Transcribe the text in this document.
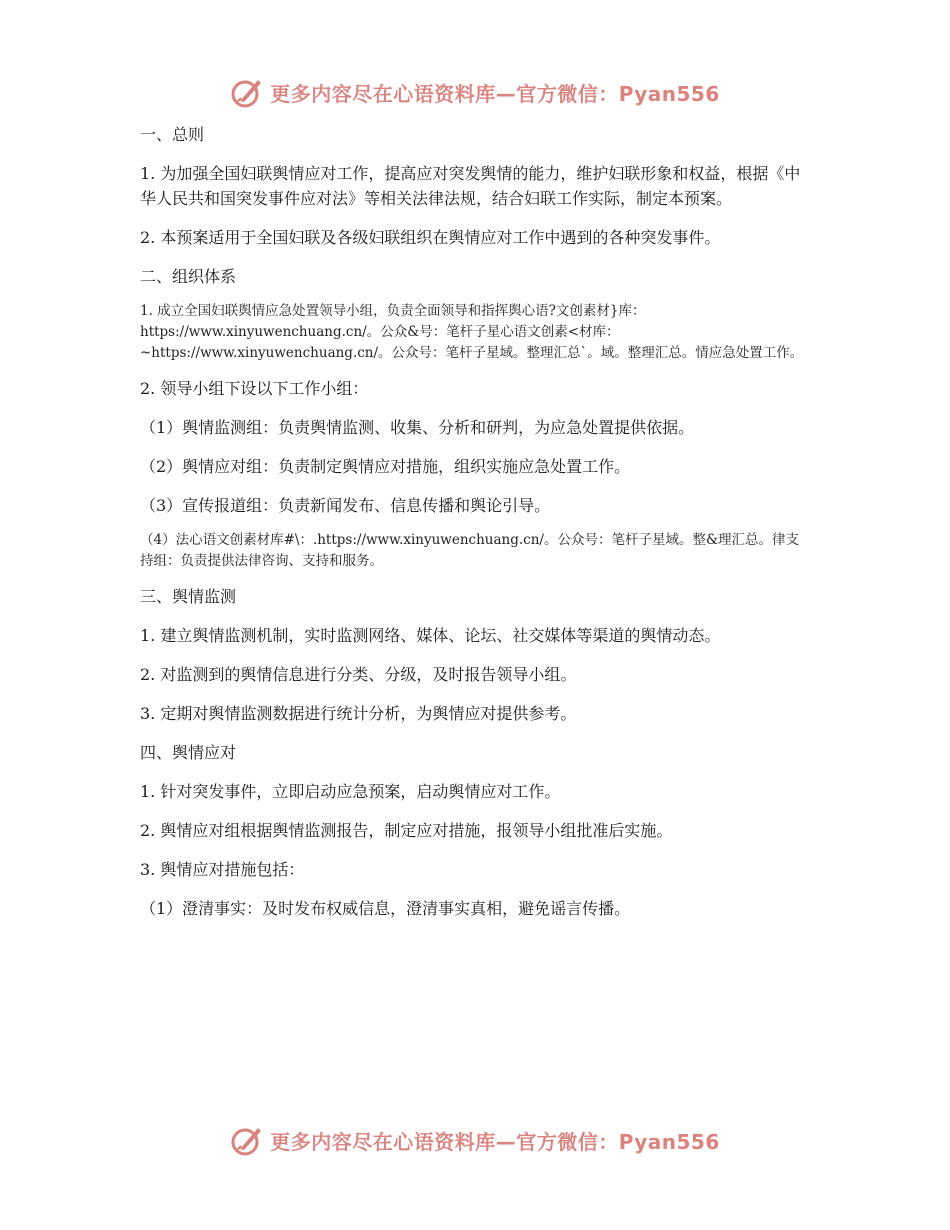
更多内容尽在心语资料库—官方微信：Pyan556

一、总则

1. 为加强全国妇联舆情应对工作，提高应对突发舆情的能力，维护妇联形象和权益，根据《中华人民共和国突发事件应对法》等相关法律法规，结合妇联工作实际，制定本预案。

2. 本预案适用于全国妇联及各级妇联组织在舆情应对工作中遇到的各种突发事件。

二、组织体系

1. 成立全国妇联舆情应急处置领导小组，负责全面领导和指挥舆心语?文创素材}库：https://www.xinyuwenchuang.cn/。公众&号：笔杆子星心语文创素<材库：~https://www.xinyuwenchuang.cn/。公众号：笔杆子星域。整理汇总`。域。整理汇总。情应急处置工作。

2. 领导小组下设以下工作小组：

（1）舆情监测组：负责舆情监测、收集、分析和研判，为应急处置提供依据。

（2）舆情应对组：负责制定舆情应对措施，组织实施应急处置工作。

（3）宣传报道组：负责新闻发布、信息传播和舆论引导。

（4）法心语文创素材库#\：.https://www.xinyuwenchuang.cn/。公众号：笔杆子星域。整&理汇总。律支持组：负责提供法律咨询、支持和服务。

三、舆情监测

1. 建立舆情监测机制，实时监测网络、媒体、论坛、社交媒体等渠道的舆情动态。

2. 对监测到的舆情信息进行分类、分级，及时报告领导小组。

3. 定期对舆情监测数据进行统计分析，为舆情应对提供参考。

四、舆情应对

1. 针对突发事件，立即启动应急预案，启动舆情应对工作。

2. 舆情应对组根据舆情监测报告，制定应对措施，报领导小组批准后实施。

3. 舆情应对措施包括：

（1）澄清事实：及时发布权威信息，澄清事实真相，避免谣言传播。

更多内容尽在心语资料库—官方微信：Pyan556
